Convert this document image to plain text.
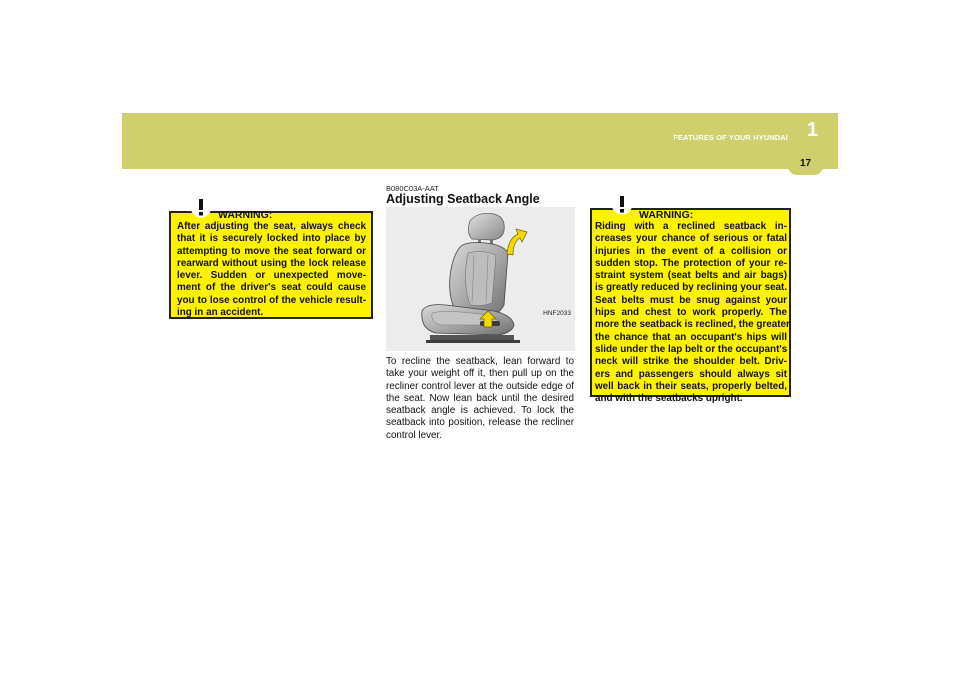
FEATURES OF YOUR HYUNDAI 1
17
WARNING:
After adjusting the seat, always check
that it is securely locked into place by
attempting to move the seat forward or
rearward without using the lock release
lever. Sudden or unexpected move-
ment of the driver's seat could cause
you to lose control of the vehicle result-
ing in an accident.
B080C03A-AAT
Adjusting Seatback Angle
HNF2033
To recline the seatback, lean forward to
take your weight off it, then pull up on the
recliner control lever at the outside edge of
the seat. Now lean back until the desired
seatback angle is achieved. To lock the
seatback into position, release the recliner
control lever.
WARNING:
Riding with a reclined seatback in-
creases your chance of serious or fatal
injuries in the event of a collision or
sudden stop. The protection of your re-
straint system (seat belts and air bags)
is greatly reduced by reclining your seat.
Seat belts must be snug against your
hips and chest to work properly. The
more the seatback is reclined, the greater
the chance that an occupant's hips will
slide under the lap belt or the occupant's
neck will strike the shoulder belt. Driv-
ers and passengers should always sit
well back in their seats, properly belted,
and with the seatbacks upright.
